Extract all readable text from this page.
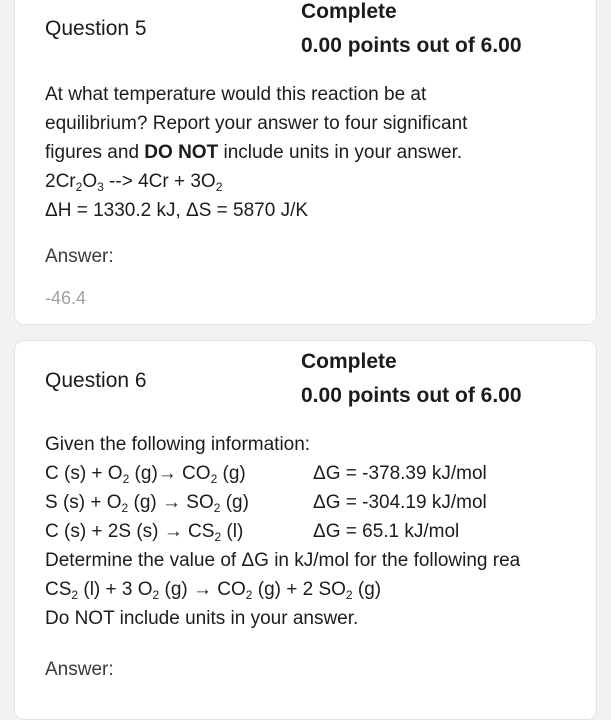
Question 5
Complete
0.00 points out of 6.00
At what temperature would this reaction be at
equilibrium? Report your answer to four significant
figures and DO NOT include units in your answer.
$2Cr_2O_3$ --> $4Cr + 3O_2$
ΔH = 1330.2 kJ, ΔS = 5870 J/K
Answer:
-46.4
Question 6
Complete
0.00 points out of 6.00
Given the following information:
C $(s) + O_2$ $(g)\to CO_2$ (g)	ΔG = -378.39 kJ/mol
S $(s) + O_2$ $(g) \to SO_2$ (g)	ΔG = -304.19 kJ/mol
C (s) + 2S $(s) \to CS_2$ (l)	ΔG = 65.1 kJ/mol
Determine the value of ΔG in kJ/mol for the following rea
$CS_2$ (l) + 3 $O_2$ $(g) \to CO_2$ (g) + 2 $SO_2$ (g)
Do NOT include units in your answer.
Answer:
